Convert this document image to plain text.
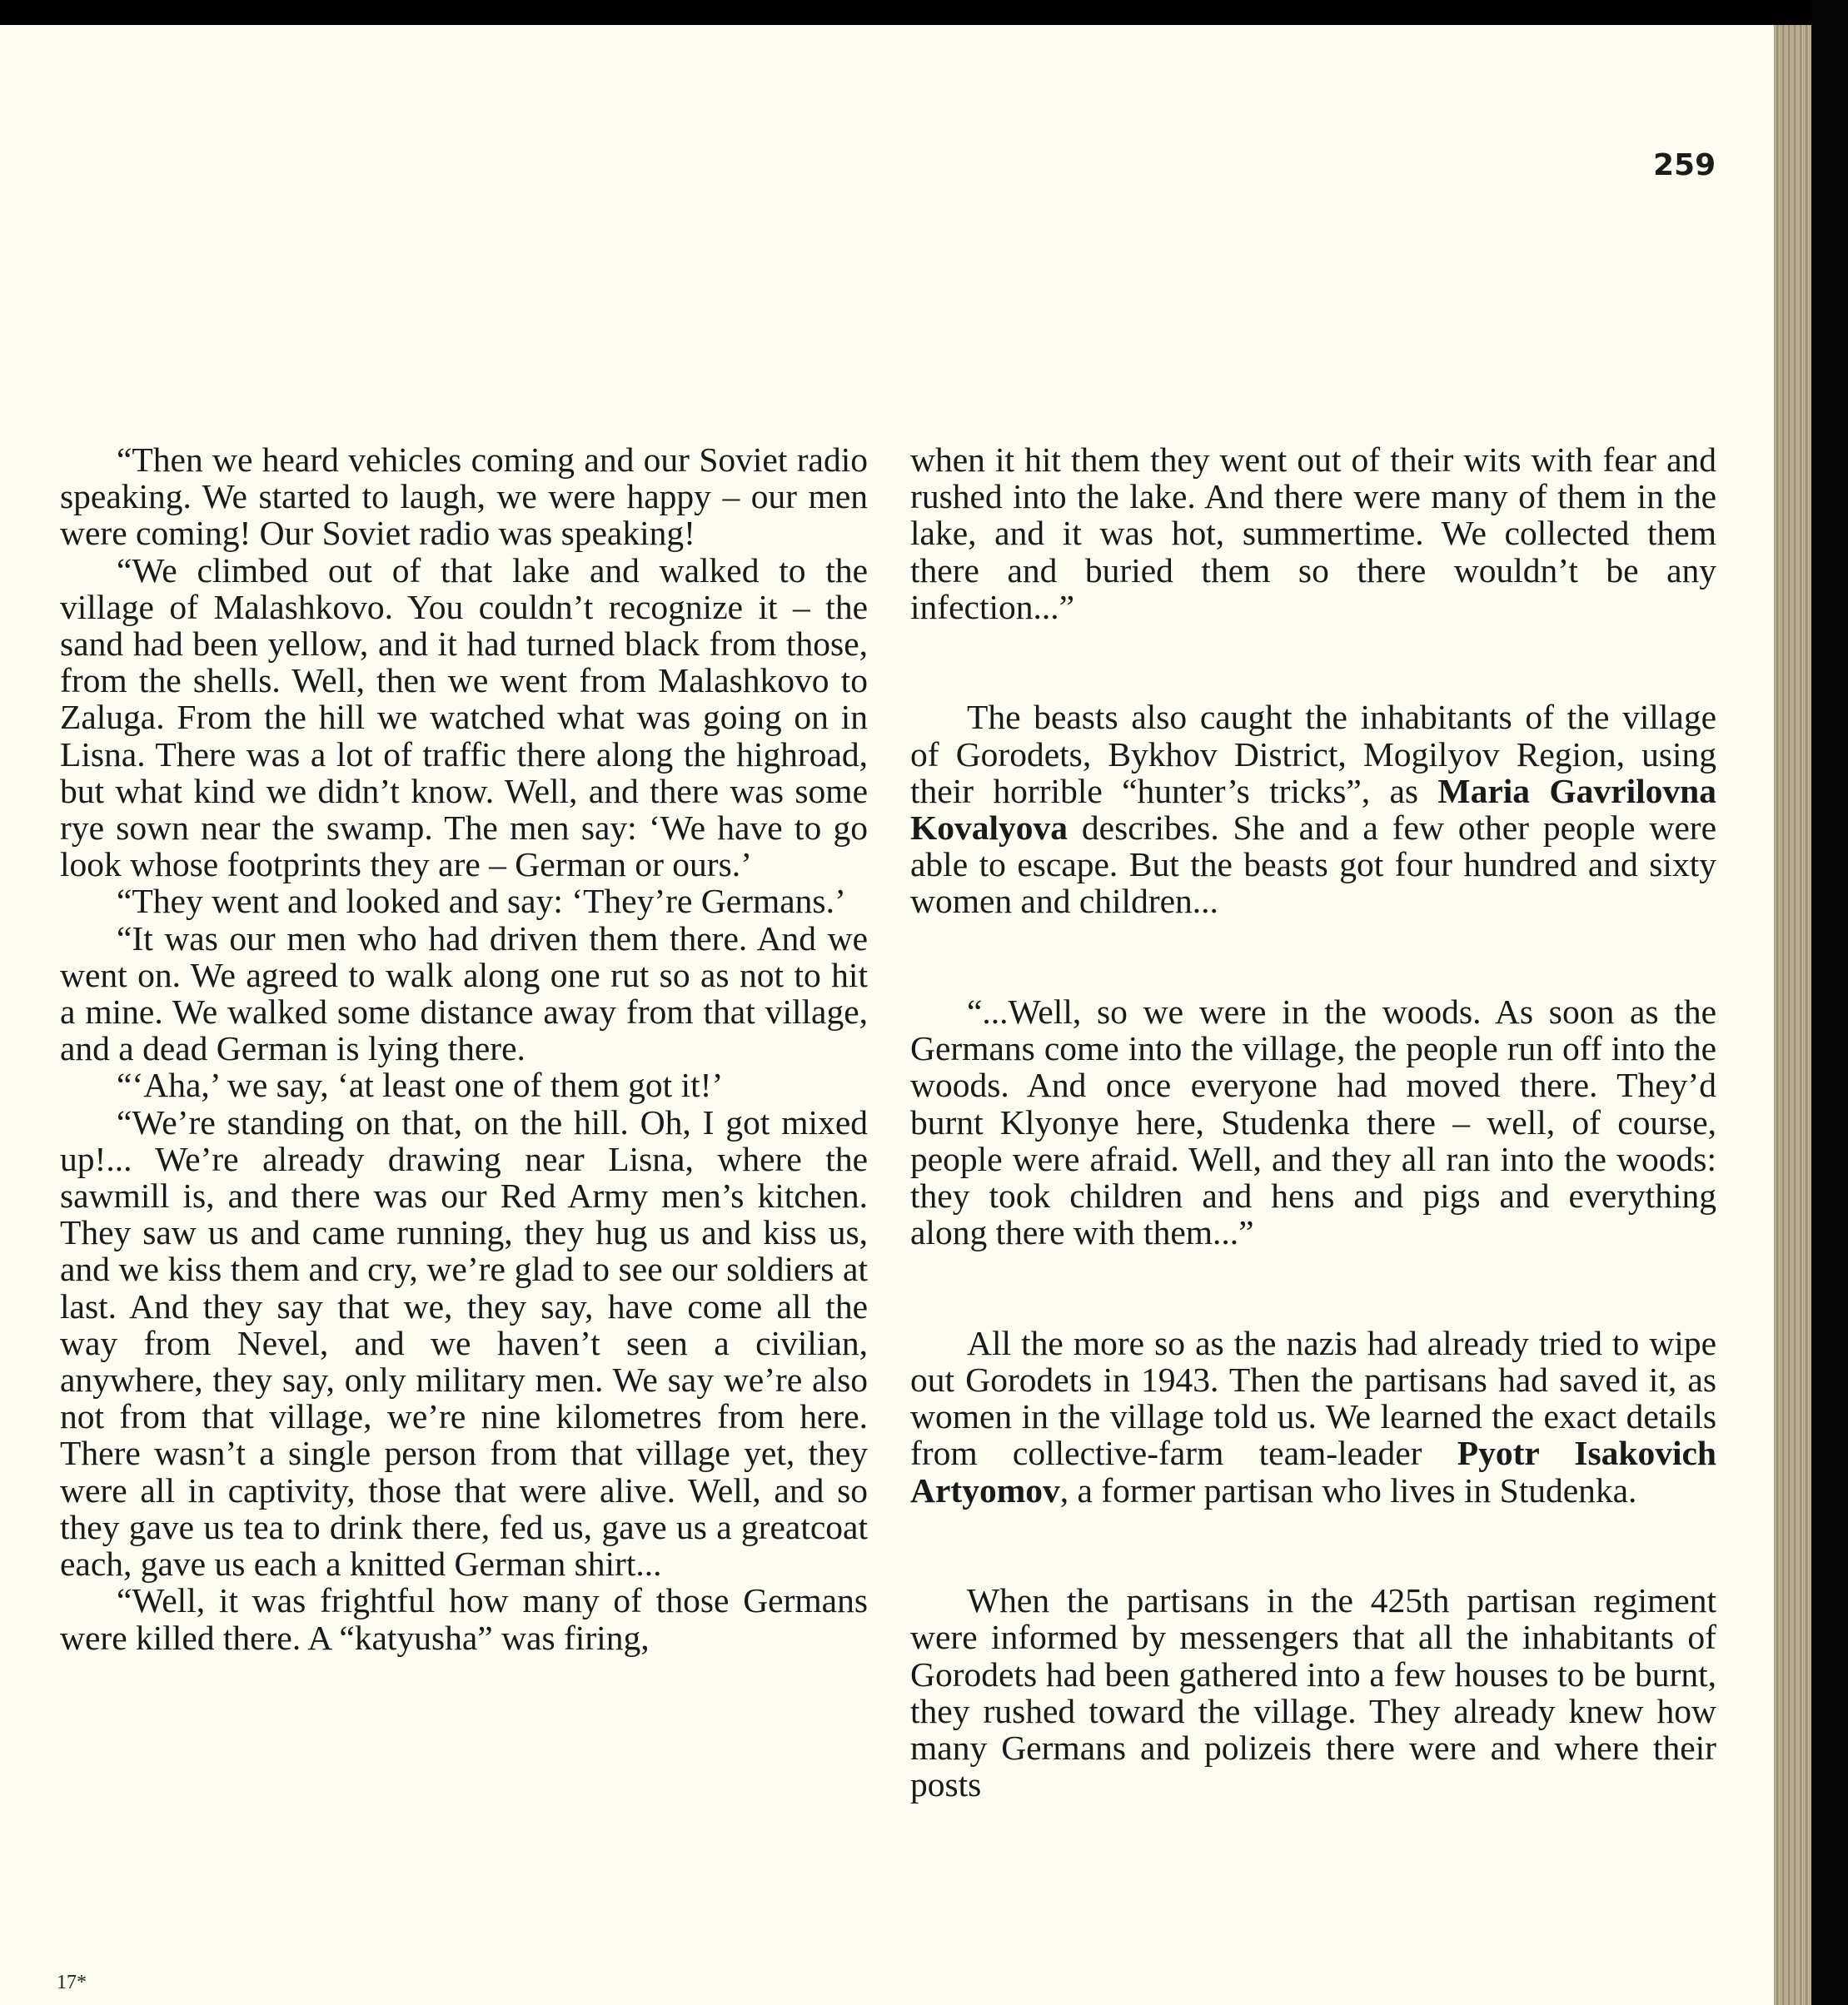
259

“Then we heard vehicles coming and our Soviet radio speaking. We started to laugh, we were happy – our men were coming! Our Soviet radio was speaking!

“We climbed out of that lake and walked to the village of Malashkovo. You couldn’t recognize it – the sand had been yellow, and it had turned black from those, from the shells. Well, then we went from Malashkovo to Zaluga. From the hill we watched what was going on in Lisna. There was a lot of traffic there along the highroad, but what kind we didn’t know. Well, and there was some rye sown near the swamp. The men say: ‘We have to go look whose footprints they are – German or ours.’

“They went and looked and say: ‘They’re Germans.’

“It was our men who had driven them there. And we went on. We agreed to walk along one rut so as not to hit a mine. We walked some distance away from that village, and a dead German is lying there.

“‘Aha,’ we say, ‘at least one of them got it!’

“We’re standing on that, on the hill. Oh, I got mixed up!... We’re already drawing near Lisna, where the sawmill is, and there was our Red Army men’s kitchen. They saw us and came running, they hug us and kiss us, and we kiss them and cry, we’re glad to see our soldiers at last. And they say that we, they say, have come all the way from Nevel, and we haven’t seen a civilian, anywhere, they say, only military men. We say we’re also not from that village, we’re nine kilometres from here. There wasn’t a single person from that village yet, they were all in captivity, those that were alive. Well, and so they gave us tea to drink there, fed us, gave us a greatcoat each, gave us each a knitted German shirt...

“Well, it was frightful how many of those Germans were killed there. A “katyusha” was firing,

when it hit them they went out of their wits with fear and rushed into the lake. And there were many of them in the lake, and it was hot, summertime. We collected them there and buried them so there wouldn’t be any infection...”

The beasts also caught the inhabitants of the village of Gorodets, Bykhov District, Mogilyov Region, using their horrible “hunter’s tricks”, as Maria Gavrilovna Kovalyova describes. She and a few other people were able to escape. But the beasts got four hundred and sixty women and children...

“...Well, so we were in the woods. As soon as the Germans come into the village, the people run off into the woods. And once everyone had moved there. They’d burnt Klyonye here, Studenka there – well, of course, people were afraid. Well, and they all ran into the woods: they took children and hens and pigs and everything along there with them...”

All the more so as the nazis had already tried to wipe out Gorodets in 1943. Then the partisans had saved it, as women in the village told us. We learned the exact details from collective-farm team-leader Pyotr Isakovich Artyomov, a former partisan who lives in Studenka.

When the partisans in the 425th partisan regiment were informed by messengers that all the inhabitants of Gorodets had been gathered into a few houses to be burnt, they rushed toward the village. They already knew how many Germans and polizeis there were and where their posts

17*
